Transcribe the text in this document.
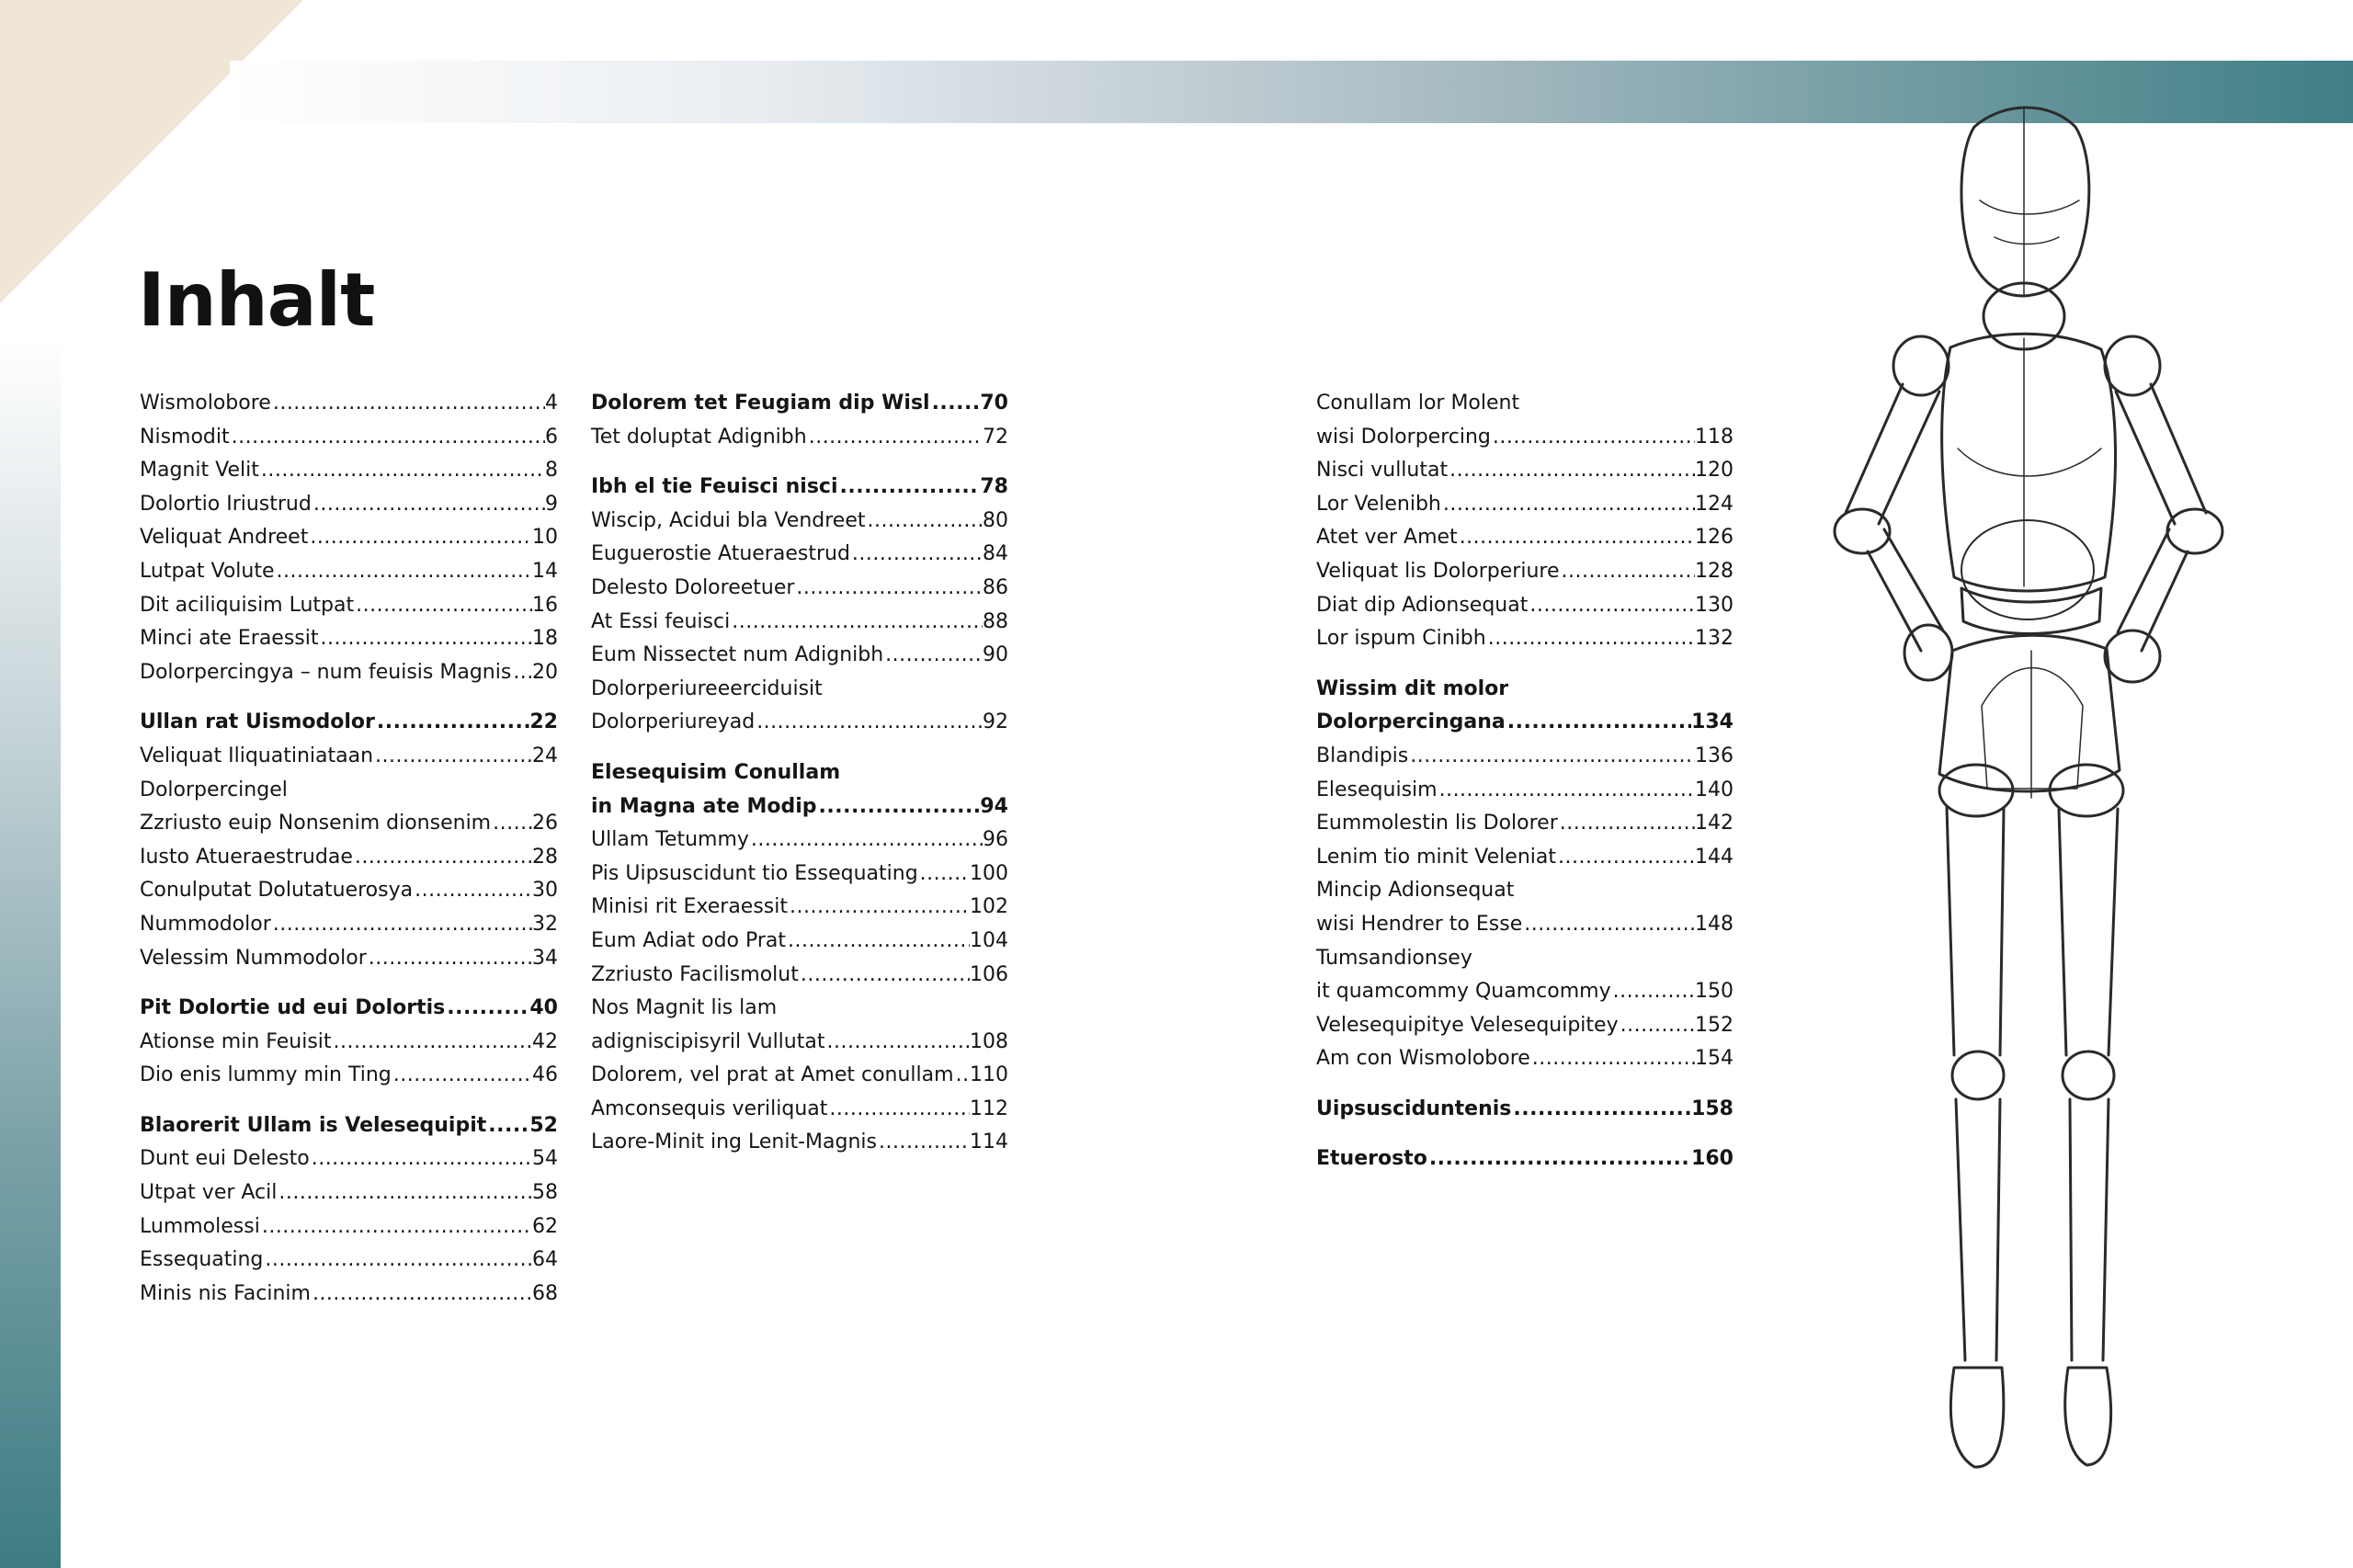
Inhalt
Wismolobore .....	4
Nismodit .....	6
Magnit Velit .....	8
Dolortio Iriustrud .....	9
Veliquat Andreet .....	10
Lutpat Volute .....	14
Dit aciliquisim Lutpat .....	16
Minci ate Eraessit .....	18
Dolorpercingya – num feuisis Magnis ..... 20
Ullan rat Uismodolor .....	22
Veliquat Iliquatiniataan .....	24
Dolorpercingel
Zzriusto euip Nonsenim dionsenim ..... 26
Iusto Atueraestrudae .....	28
Conulputat Dolutatuerosya .....	30
Nummodolor .....	32
Velessim Nummodolor .....	34
Pit Dolortie ud eui Dolortis .....	40
Ationse min Feuisit .....	42
Dio enis lummy min Ting .....	46
Blaorerit Ullam is Velesequipit ..... 52
Dunt eui Delesto .....	54
Utpat ver Acil .....	58
Lummolessi .....	62
Essequating .....	64
Minis nis Facinim .....	68
Dolorem tet Feugiam dip Wisl ..... 70
Tet doluptat Adignibh .....	72
Ibh el tie Feuisci nisci .....	78
Wiscip, Acidui bla Vendreet .....	80
Euguerostie Atueraestrud .....	84
Delesto Doloreetuer .....	86
At Essi feuisci .....	88
Eum Nissectet num Adignibh .....	90
Dolorperiureeerciduisit
Dolorperiureyad .....	92
Elesequisim Conullam
in Magna ate Modip .....	94
Ullam Tetummy .....	96
Pis Uipsuscidunt tio Essequating .....	100
Minisi rit Exeraessit .....	102
Eum Adiat odo Prat .....	104
Zzriusto Facilismolut .....	106
Nos Magnit lis lam
adigniscipisyril Vullutat .....	108
Dolorem, vel prat at Amet conullam ..... 110
Amconsequis veriliquat .....	112
Laore-Minit ing Lenit-Magnis .....	114
Conullam lor Molent
wisi Dolorpercing .....	118
Nisci vullutat .....	120
Lor Velenibh .....	124
Atet ver Amet .....	126
Veliquat lis Dolorperiure .....	128
Diat dip Adionsequat .....	130
Lor ispum Cinibh .....	132
Wissim dit molor
Dolorpercingana .....	134
Blandipis .....	136
Elesequisim .....	140
Eummolestin lis Dolorer .....	142
Lenim tio minit Veleniat .....	144
Mincip Adionsequat
wisi Hendrer to Esse .....	148
Tumsandionsey
it quamcommy Quamcommy .....	150
Velesequipitye Velesequipitey .....	152
Am con Wismolobore .....	154
Uipsusciduntenis .....	158
Etuerosto .....	160
